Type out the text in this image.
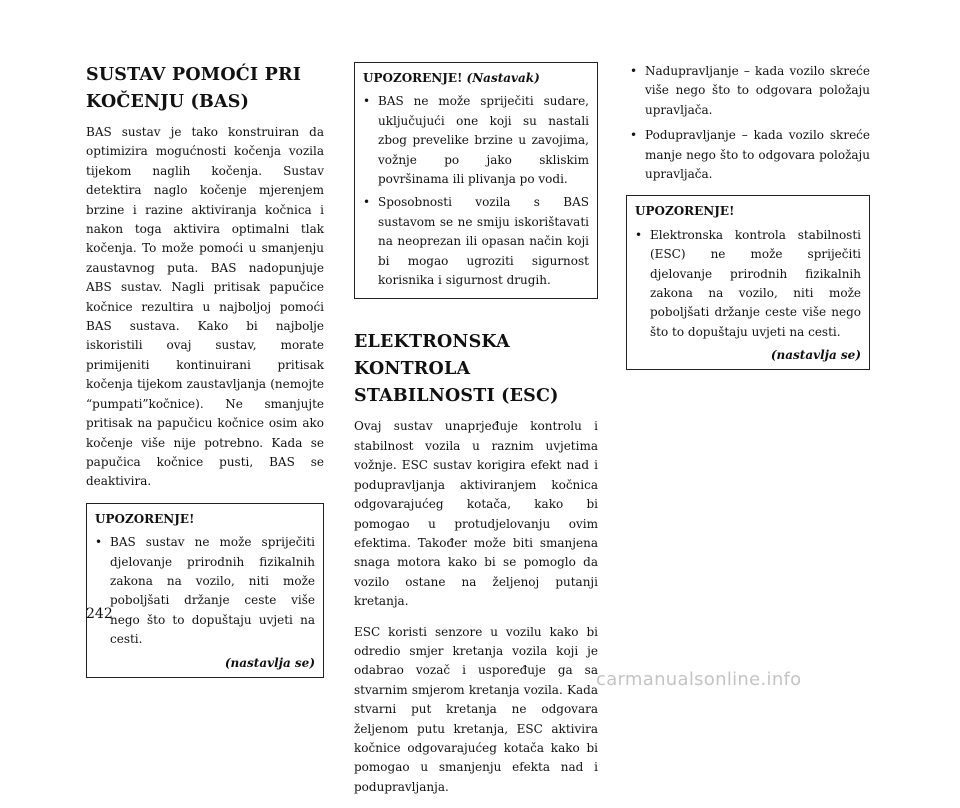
SUSTAV POMOĆI PRI
KOČENJU (BAS)

BAS sustav je tako konstruiran da optimizira mogućnosti kočenja vozila tijekom naglih kočenja. Sustav detektira naglo kočenje mjerenjem brzine i razine aktiviranja kočnica i nakon toga aktivira optimalni tlak kočenja. To može pomoći u smanjenju zaustavnog puta. BAS nadopunjuje ABS sustav. Nagli pritisak papučice kočnice rezultira u najboljoj pomoći BAS sustava. Kako bi najbolje iskoristili ovaj sustav, morate primijeniti kontinuirani pritisak kočenja tijekom zaustavljanja (nemojte “pumpati”kočnice). Ne smanjujte pritisak na papučicu kočnice osim ako kočenje više nije potrebno. Kada se papučica kočnice pusti, BAS se deaktivira.

UPOZORENJE!
• BAS sustav ne može spriječiti djelovanje prirodnih fizikalnih zakona na vozilo, niti može poboljšati držanje ceste više nego što to dopuštaju uvjeti na cesti.
(nastavlja se)
UPOZORENJE! (Nastavak)
• BAS ne može spriječiti sudare, uključujući one koji su nastali zbog prevelike brzine u zavojima, vožnje po jako skliskim površinama ili plivanja po vodi.
• Sposobnosti vozila s BAS sustavom se ne smiju iskorištavati na neoprezan ili opasan način koji bi mogao ugroziti sigurnost korisnika i sigurnost drugih.
ELEKTRONSKA KONTROLA
STABILNOSTI (ESC)

Ovaj sustav unaprjeđuje kontrolu i stabilnost vozila u raznim uvjetima vožnje. ESC sustav korigira efekt nad i podupravljanja aktiviranjem kočnica odgovarajućeg kotača, kako bi pomogao u protudjelovanju ovim efektima. Također može biti smanjena snaga motora kako bi se pomoglo da vozilo ostane na željenoj putanji kretanja.

ESC koristi senzore u vozilu kako bi odredio smjer kretanja vozila koji je odabrao vozač i uspoređuje ga sa stvarnim smjerom kretanja vozila. Kada stvarni put kretanja ne odgovara željenom putu kretanja, ESC aktivira kočnice odgovarajućeg kotača kako bi pomogao u smanjenju efekta nad i podupravljanja.

• Nadupravljanje – kada vozilo skreće više nego što to odgovara položaju upravljača.
• Podupravljanje – kada vozilo skreće manje nego što to odgovara položaju upravljača.
UPOZORENJE!
• Elektronska kontrola stabilnosti (ESC) ne može spriječiti djelovanje prirodnih fizikalnih zakona na vozilo, niti može poboljšati držanje ceste više nego što to dopuštaju uvjeti na cesti.
(nastavlja se)
242
carmanualsonline.info
